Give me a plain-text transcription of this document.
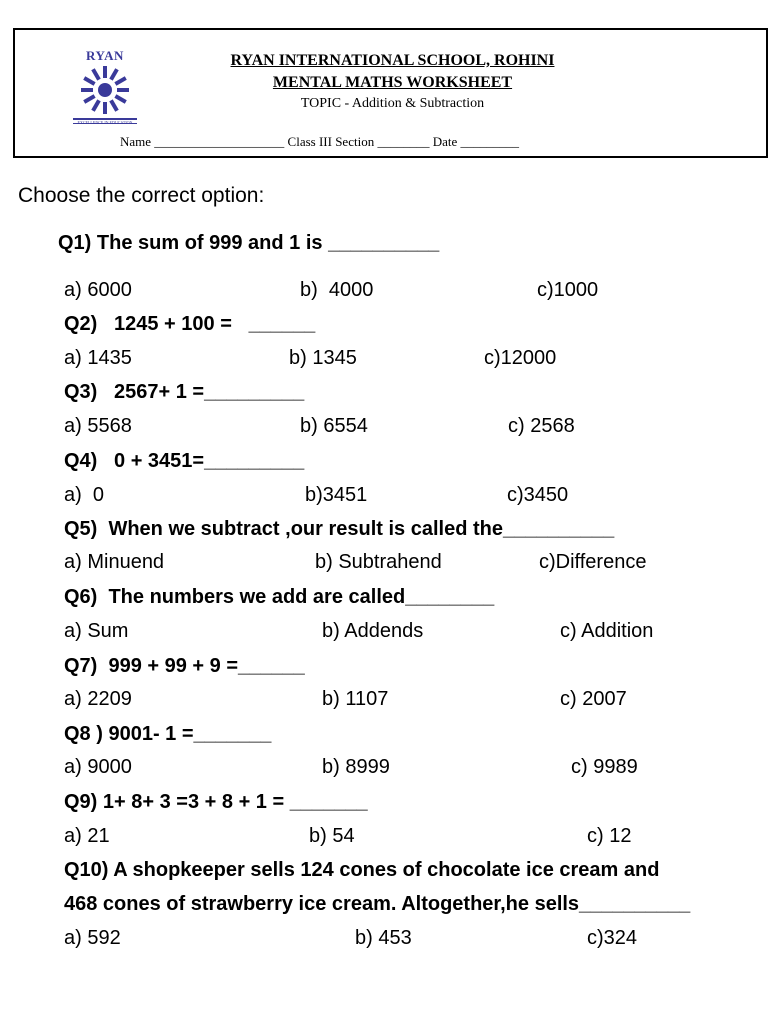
RYAN
EXCELLENCE IN EDUCATION
RYAN INTERNATIONAL SCHOOL, ROHINI
MENTAL MATHS WORKSHEET
TOPIC - Addition & Subtraction
Name ____________________ Class III Section ________ Date _________
Choose the correct option:
Q1) The sum of 999 and 1 is __________
a) 6000	b)  4000	c)1000
Q2)   1245 + 100 =   ______
a) 1435	b) 1345	c)12000
Q3)   2567+ 1 =_________
a) 5568	b) 6554	c) 2568
Q4)   0 + 3451=_________
a)  0	b)3451	c)3450
Q5)  When we subtract ,our result is called the__________
a) Minuend	b) Subtrahend	c)Difference
Q6)  The numbers we add are called________
a) Sum	b) Addends	c) Addition
Q7)  999 + 99 + 9 =______
a) 2209	b) 1107	c) 2007
Q8 ) 9001- 1 =_______
a) 9000	b) 8999	c) 9989
Q9) 1+ 8+ 3 =3 + 8 + 1 = _______
a) 21	b) 54	c) 12
Q10) A shopkeeper sells 124 cones of chocolate ice cream and
468 cones of strawberry ice cream. Altogether,he sells__________
a) 592	b) 453	c)324
